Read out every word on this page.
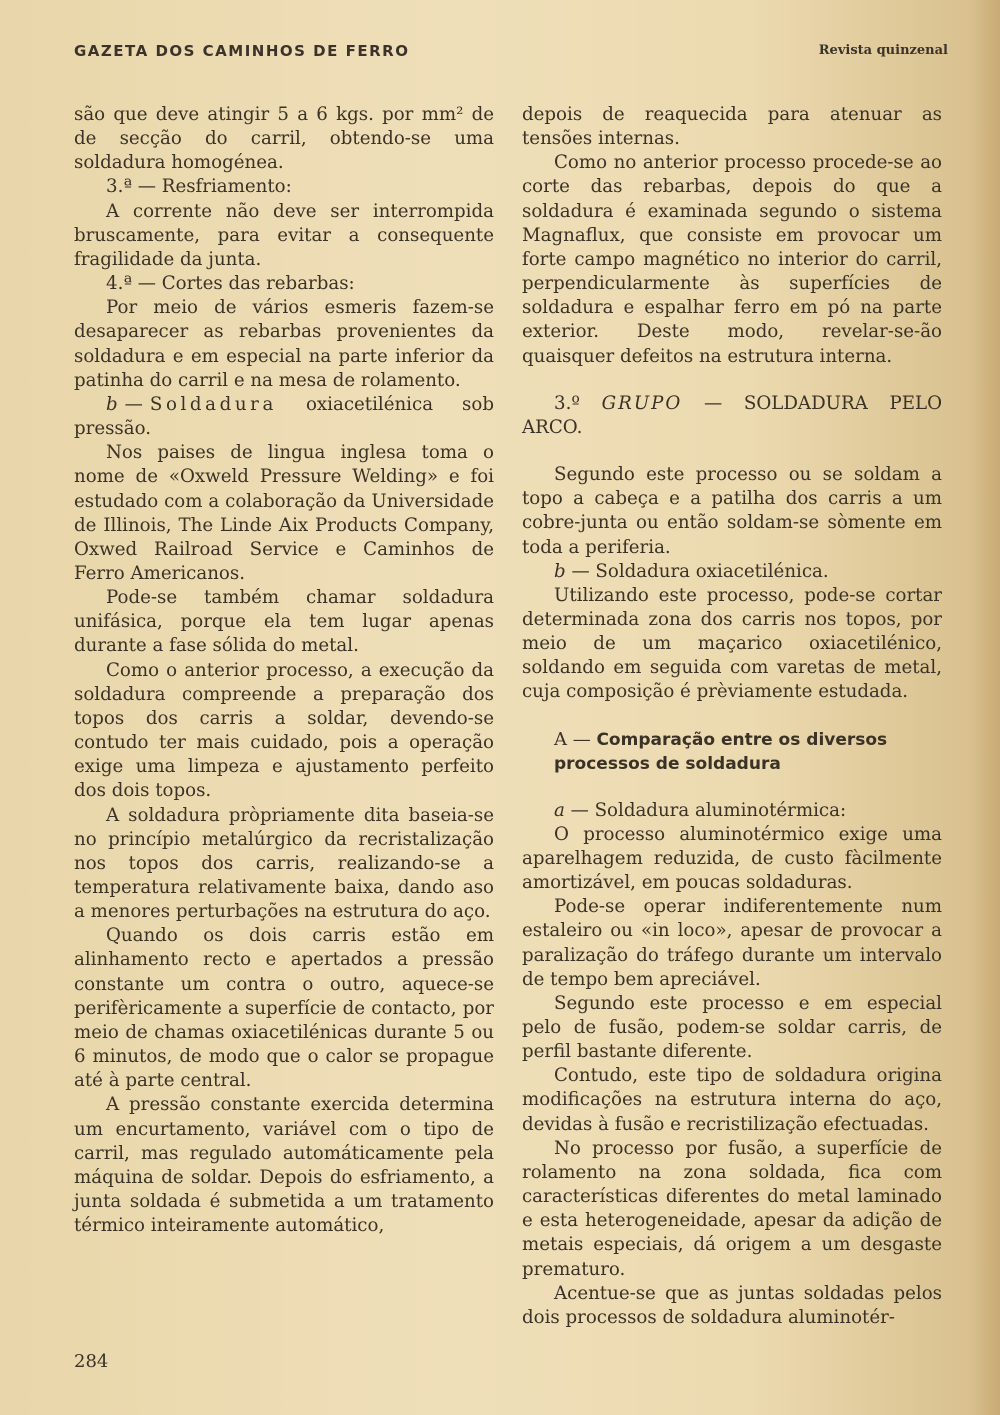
GAZETA DOS CAMINHOS DE FERRO	Revista quinzenal

são que deve atingir 5 a 6 kgs. por mm² de de secção do carril, obtendo-se uma soldadura homogénea.

3.ª — Resfriamento:

A corrente não deve ser interrompida bruscamente, para evitar a consequente fragilidade da junta.

4.ª — Cortes das rebarbas:

Por meio de vários esmeris fazem-se desaparecer as rebarbas provenientes da soldadura e em especial na parte inferior da patinha do carril e na mesa de rolamento.

b — Soldadura oxiacetilénica sob pressão.

Nos paises de lingua inglesa toma o nome de «Oxweld Pressure Welding» e foi estudado com a colaboração da Universidade de Illinois, The Linde Aix Products Company, Oxwed Railroad Service e Caminhos de Ferro Americanos.

Pode-se também chamar soldadura unifásica, porque ela tem lugar apenas durante a fase sólida do metal.

Como o anterior processo, a execução da soldadura compreende a preparação dos topos dos carris a soldar, devendo-se contudo ter mais cuidado, pois a operação exige uma limpeza e ajustamento perfeito dos dois topos.

A soldadura pròpriamente dita baseia-se no princípio metalúrgico da recristalização nos topos dos carris, realizando-se a temperatura relativamente baixa, dando aso a menores perturbações na estrutura do aço.

Quando os dois carris estão em alinhamento recto e apertados a pressão constante um contra o outro, aquece-se perifèricamente a superfície de contacto, por meio de chamas oxiacetilénicas durante 5 ou 6 minutos, de modo que o calor se propague até à parte central.

A pressão constante exercida determina um encurtamento, variável com o tipo de carril, mas regulado automáticamente pela máquina de soldar. Depois do esfriamento, a junta soldada é submetida a um tratamento térmico inteiramente automático,

depois de reaquecida para atenuar as tensões internas.

Como no anterior processo procede-se ao corte das rebarbas, depois do que a soldadura é examinada segundo o sistema Magnaflux, que consiste em provocar um forte campo magnético no interior do carril, perpendicularmente às superfícies de soldadura e espalhar ferro em pó na parte exterior. Deste modo, revelar-se-ão quaisquer defeitos na estrutura interna.

3.º GRUPO — SOLDADURA PELO ARCO.

Segundo este processo ou se soldam a topo a cabeça e a patilha dos carris a um cobre-junta ou então soldam-se sòmente em toda a periferia.

b — Soldadura oxiacetilénica.

Utilizando este processo, pode-se cortar determinada zona dos carris nos topos, por meio de um maçarico oxiacetilénico, soldando em seguida com varetas de metal, cuja composição é prèviamente estudada.

A — Comparação entre os diversos

processos de soldadura

a — Soldadura aluminotérmica:

O processo aluminotérmico exige uma aparelhagem reduzida, de custo fàcilmente amortizável, em poucas soldaduras.

Pode-se operar indiferentemente num estaleiro ou «in loco», apesar de provocar a paralização do tráfego durante um intervalo de tempo bem apreciável.

Segundo este processo e em especial pelo de fusão, podem-se soldar carris, de perfil bastante diferente.

Contudo, este tipo de soldadura origina modificações na estrutura interna do aço, devidas à fusão e recristilização efectuadas.

No processo por fusão, a superfície de rolamento na zona soldada, fica com características diferentes do metal laminado e esta heterogeneidade, apesar da adição de metais especiais, dá origem a um desgaste prematuro.

Acentue-se que as juntas soldadas pelos dois processos de soldadura aluminotér-

284
